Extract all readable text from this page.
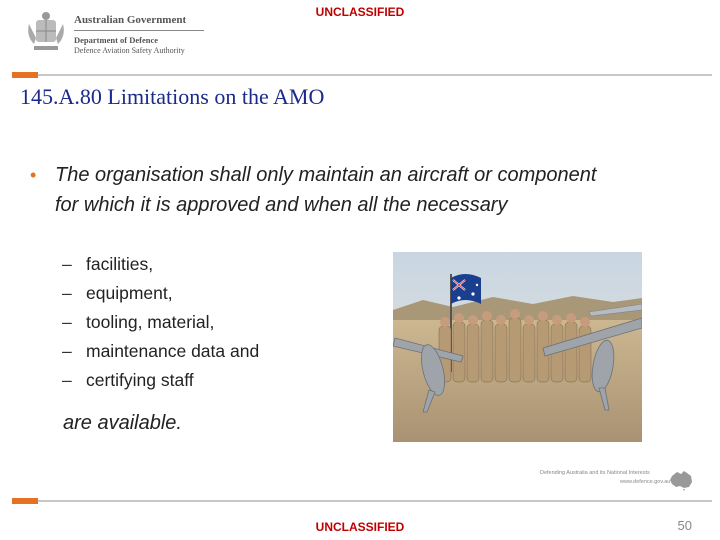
UNCLASSIFIED
Australian Government
Department of Defence
Defence Aviation Safety Authority
145.A.80 Limitations on the AMO
• The organisation shall only maintain an aircraft or component for which it is approved and when all the necessary
– facilities,
– equipment,
– tooling, material,
– maintenance data and
– certifying staff
are available.
Defending Australia and its National Interests
www.defence.gov.au
UNCLASSIFIED	50
